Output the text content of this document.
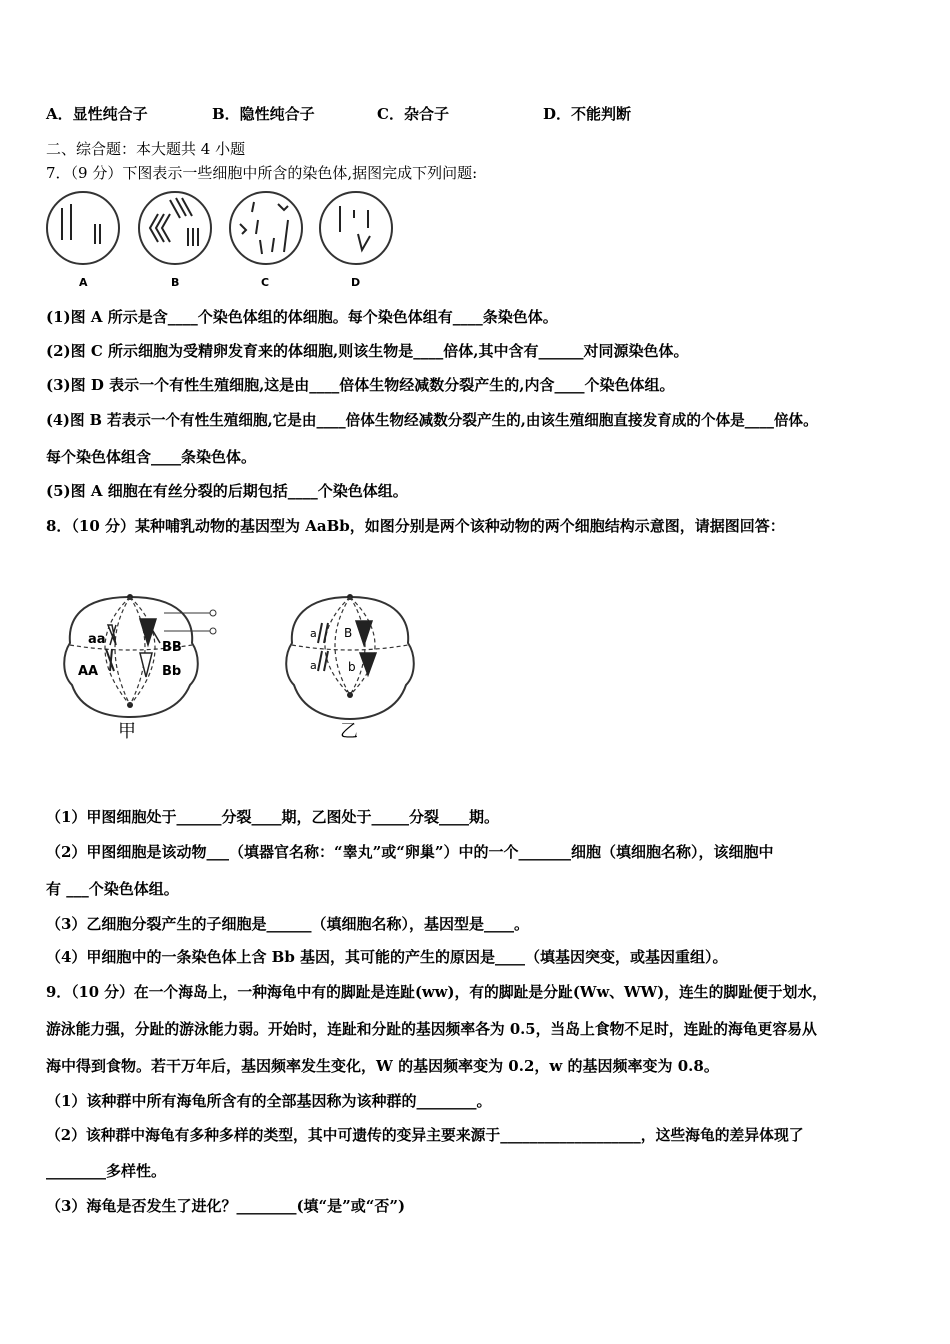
A．显性纯合子	B．隐性纯合子	C．杂合子	D．不能判断
二、综合题：本大题共 4 小题
7．（9 分）下图表示一些细胞中所含的染色体,据图完成下列问题:
A	B	C	D
(1)图 A 所示是含____个染色体组的体细胞。每个染色体组有____条染色体。
(2)图 C 所示细胞为受精卵发育来的体细胞,则该生物是____倍体,其中含有______对同源染色体。
(3)图 D 表示一个有性生殖细胞,这是由____倍体生物经减数分裂产生的,内含____个染色体组。
(4)图 B 若表示一个有性生殖细胞,它是由____倍体生物经减数分裂产生的,由该生殖细胞直接发育成的个体是____倍体。
每个染色体组含____条染色体。
(5)图 A 细胞在有丝分裂的后期包括____个染色体组。
8．（10 分）某种哺乳动物的基因型为 AaBb，如图分别是两个该种动物的两个细胞结构示意图，请据图回答：
aa
BB
AA	Bb
甲
a B
a	b
乙
（1）甲图细胞处于______分裂____期，乙图处于_____分裂____期。
（2）甲图细胞是该动物___（填器官名称：“睾丸”或“卵巢”）中的一个_______细胞（填细胞名称），该细胞中
有 ___个染色体组。
（3）乙细胞分裂产生的子细胞是______（填细胞名称），基因型是____。
（4）甲细胞中的一条染色体上含 Bb 基因，其可能的产生的原因是____（填基因突变，或基因重组）。
9．（10 分）在一个海岛上，一种海龟中有的脚趾是连趾(ww)，有的脚趾是分趾(Ww、WW)，连生的脚趾便于划水，
游泳能力强，分趾的游泳能力弱。开始时，连趾和分趾的基因频率各为 0.5，当岛上食物不足时，连趾的海龟更容易从
海中得到食物。若干万年后，基因频率发生变化，W 的基因频率变为 0.2，w 的基因频率变为 0.8。
（1）该种群中所有海龟所含有的全部基因称为该种群的________。
（2）该种群中海龟有多种多样的类型，其中可遗传的变异主要来源于___________________，这些海龟的差异体现了
________多样性。
（3）海龟是否发生了进化？________(填“是”或“否”)
